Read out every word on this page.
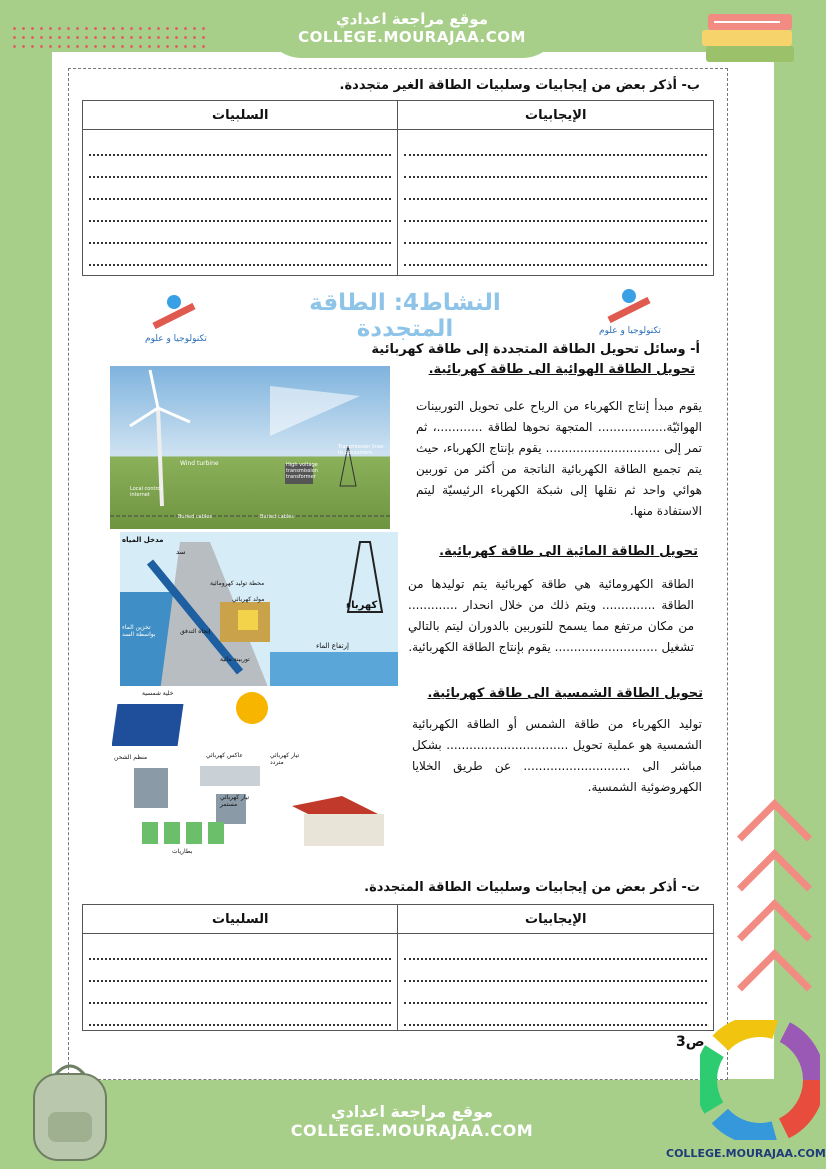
موقع مراجعة اعدادي
COLLEGE.MOURAJAA.COM
ب- أذكر بعض من إيجابيات وسلبيات الطاقة الغير متجددة.
السلبيات	الإيجابيات

النشاط4: الطاقة المتجددة
تكنولوجيا و علوم
تكنولوجيا و علوم
أ- وسائل تحويل الطاقة المتجددة إلى طاقة كهربائية
تحويل الطاقة الهوائية الى طاقة كهربائية.
Wind turbine
Transmission lines to consumers
High voltage transmission transformer
Buried cables	Buried cables
Local control internet
يقوم مبدأ إنتاج الكهرباء من الرياح على تحويل التوربينات الهوائيّة.................. المتجهة نحوها لطاقة ............، ثم تمر إلى .............................. يقوم بإنتاج الكهرباء، حيث يتم تجميع الطاقة الكهربائية الناتجة من أكثر من توربين هوائي واحد ثم نقلها إلى شبكة الكهرباء الرئيسيّة ليتم الاستفادة منها.
تحويل الطاقة المائية الى طاقة كهربائية.
مدخل المياه
سد
محطة توليد كهرومائية
مولد كهربائي
كهرباء
تخزين الماء بواسطة السد	إتجاه التدفق
توربينة مائية
إرتفاع الماء
الطاقة الكهرومائية هي طاقة كهربائية يتم توليدها من الطاقة .............. ويتم ذلك من خلال انحدار ............. من مكان مرتفع مما يسمح للتوربين بالدوران ليتم بالتالي تشغيل ........................... يقوم بإنتاج الطاقة الكهربائية.
تحويل الطاقة الشمسية الى طاقة كهربائية.
خلية شمسية
منظم الشحن	عاكس كهربائي	تيار كهربائي متردد
تيار كهربائي مستمر
بطاريات
توليد الكهرباء من طاقة الشمس أو الطاقة الكهربائية الشمسية هو عملية تحويل ................................ بشكل مباشر الى ............................ عن طريق الخلايا الكهروضوئية الشمسية.
ت- أذكر بعض من إيجابيات وسلبيات الطاقة المتجددة.
السلبيات	الإيجابيات

ص3
موقع مراجعة اعدادي
COLLEGE.MOURAJAA.COM
COLLEGE.MOURAJAA.COM
